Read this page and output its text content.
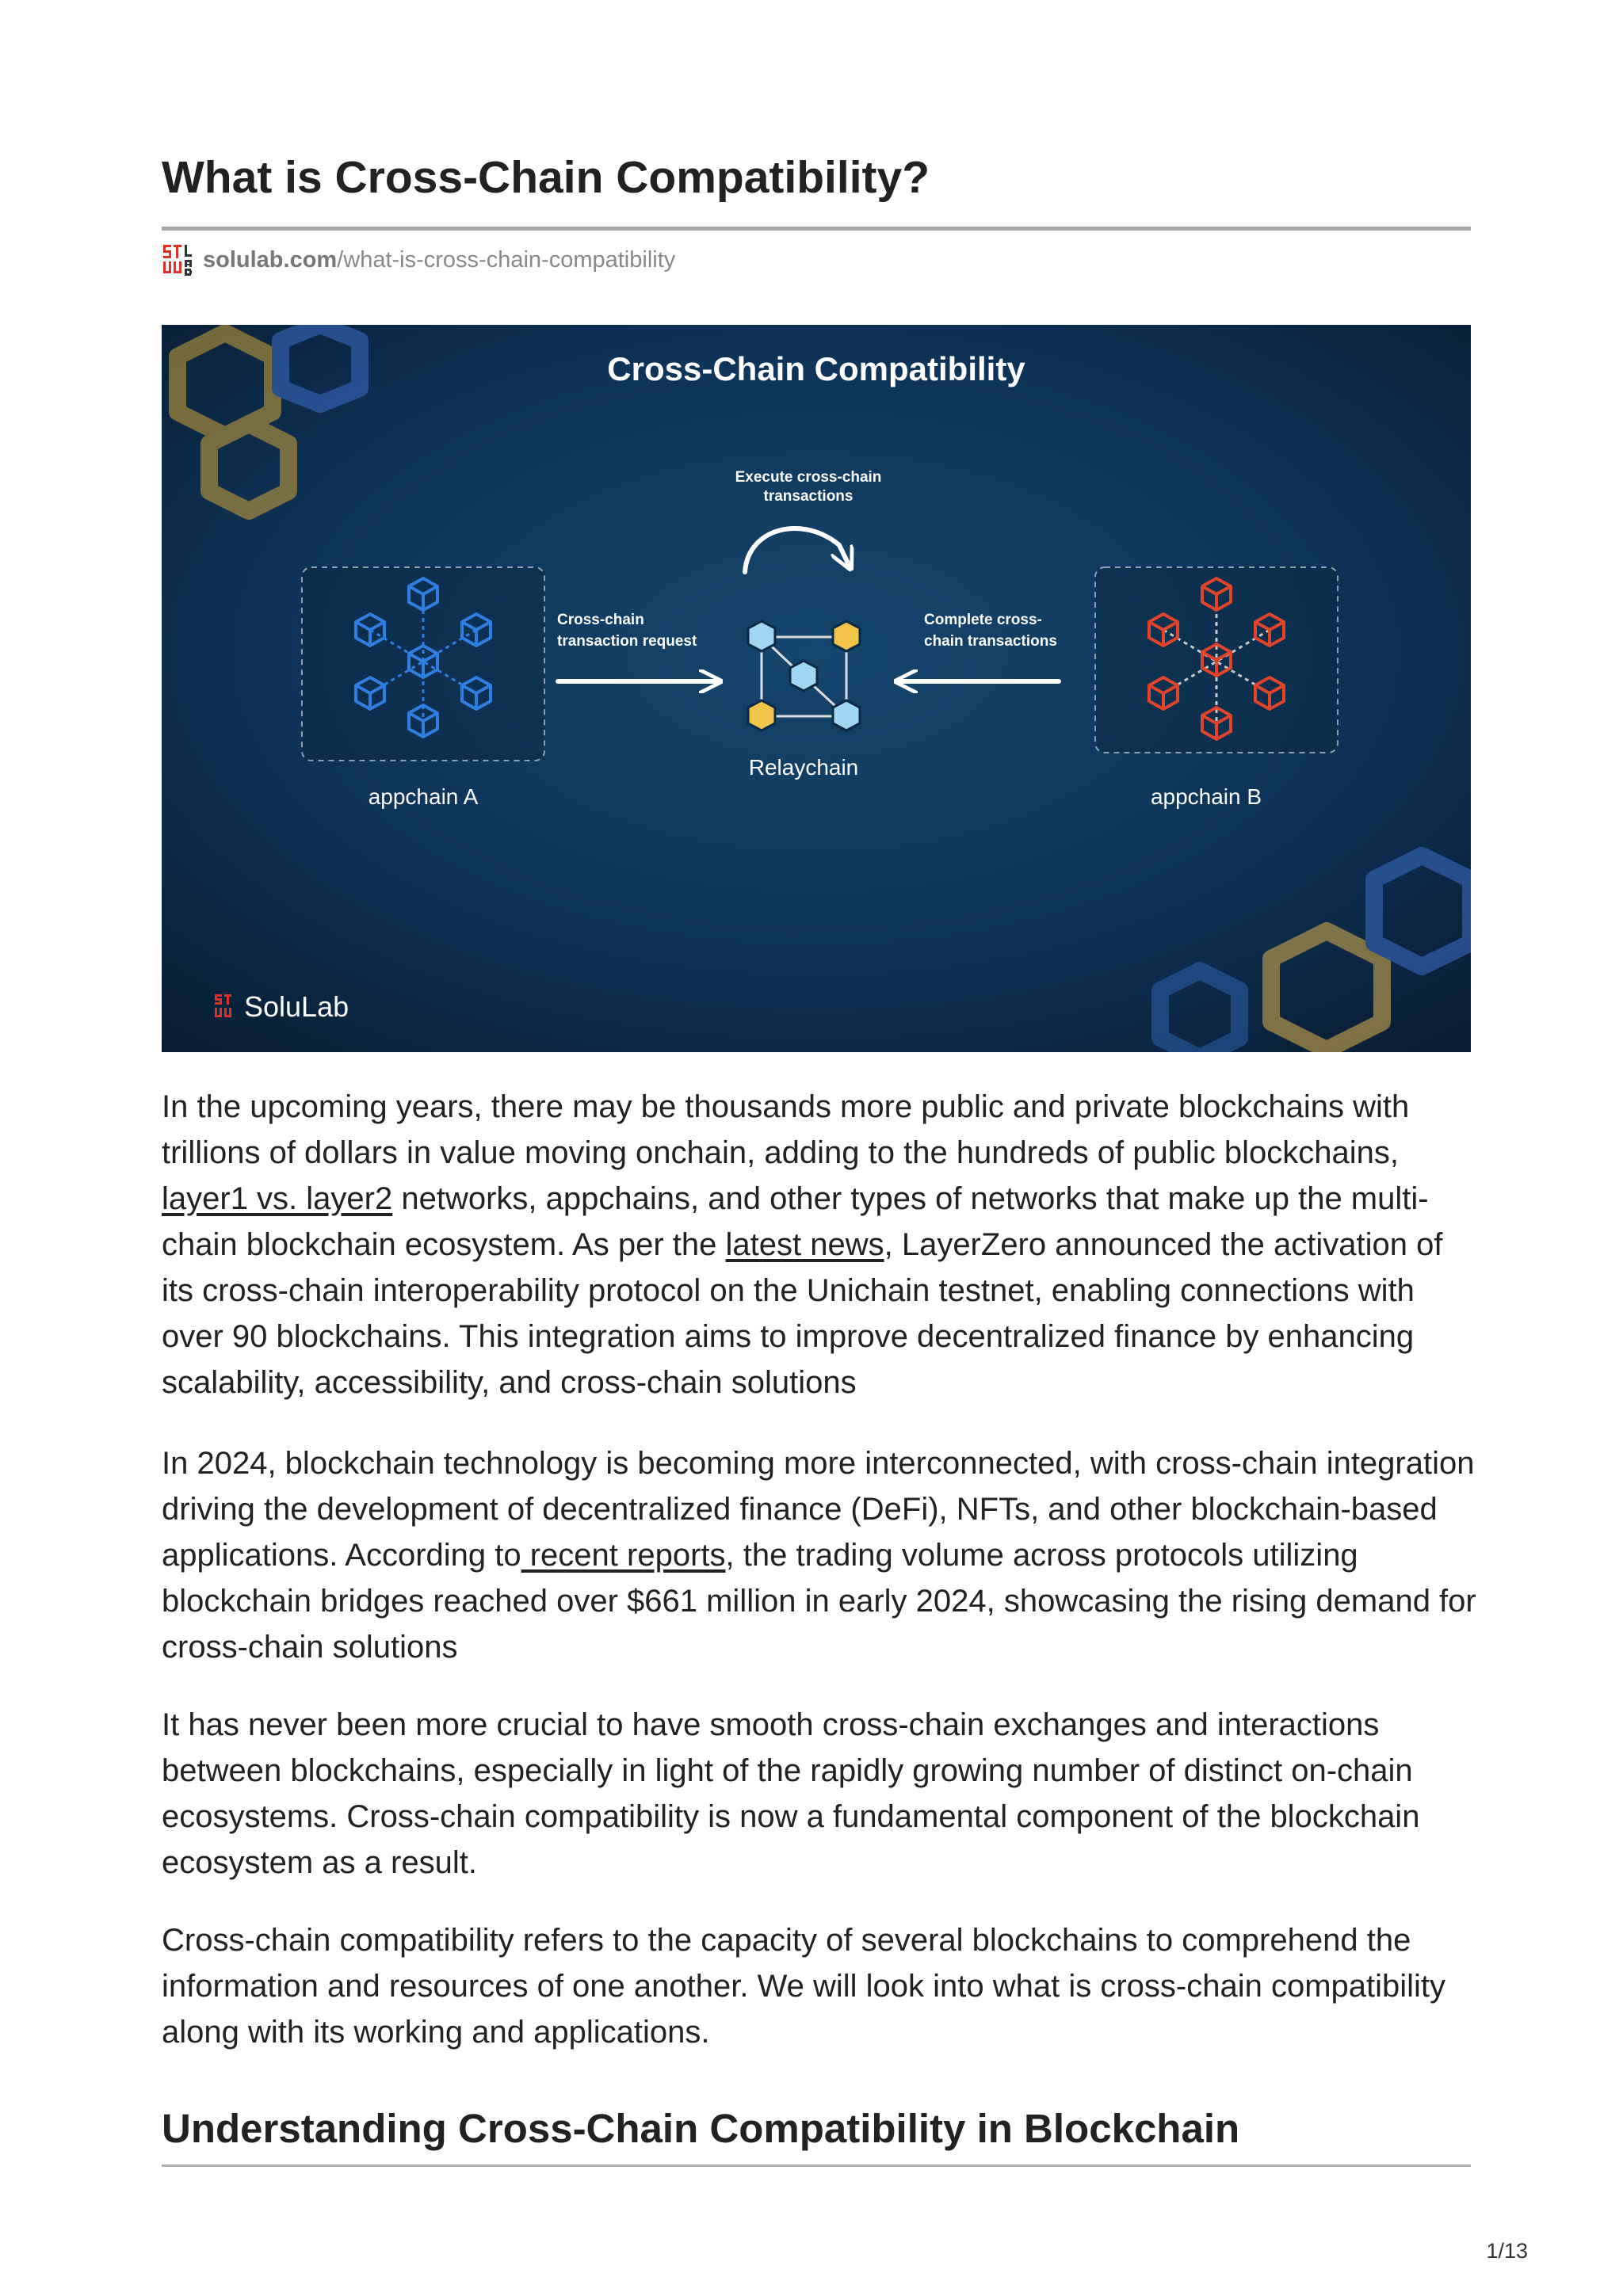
What is Cross-Chain Compatibility?
solulab.com /what-is-cross-chain-compatibility
Cross-Chain Compatibility
Execute cross-chain
transactions
appchain A
Cross-chain
transaction request
Relaychain
Complete cross-
chain transactions
appchain B
SoluLab

In the upcoming years, there may be thousands more public and private blockchains with trillions of dollars in value moving onchain, adding to the hundreds of public blockchains, layer1 vs. layer2 networks, appchains, and other types of networks that make up the multi-chain blockchain ecosystem. As per the latest news, LayerZero announced the activation of its cross-chain interoperability protocol on the Unichain testnet, enabling connections with over 90 blockchains. This integration aims to improve decentralized finance by enhancing scalability, accessibility, and cross-chain solutions

In 2024, blockchain technology is becoming more interconnected, with cross-chain integration driving the development of decentralized finance (DeFi), NFTs, and other blockchain-based applications. According to recent reports, the trading volume across protocols utilizing blockchain bridges reached over $661 million in early 2024, showcasing the rising demand for cross-chain solutions

It has never been more crucial to have smooth cross-chain exchanges and interactions between blockchains, especially in light of the rapidly growing number of distinct on-chain ecosystems. Cross-chain compatibility is now a fundamental component of the blockchain ecosystem as a result.

Cross-chain compatibility refers to the capacity of several blockchains to comprehend the information and resources of one another. We will look into what is cross-chain compatibility along with its working and applications.

Understanding Cross-Chain Compatibility in Blockchain
1/13
